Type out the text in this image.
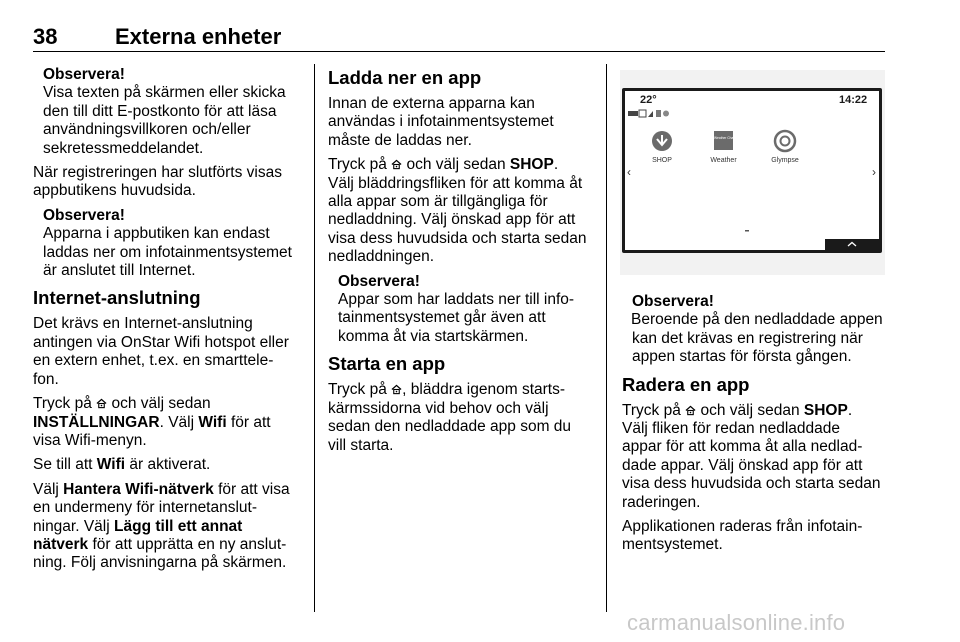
38	Externa enheter
Observera!
Visa texten på skärmen eller skicka
den till ditt E-postkonto för att läsa
användningsvillkoren och/eller
sekretessmeddelandet.

När registreringen har slutförts visas
appbutikens huvudsida.

Observera!
Apparna i appbutiken kan endast
laddas ner om infotainmentsystemet
är anslutet till Internet.
Internet-anslutning

Det krävs en Internet-anslutning
antingen via OnStar Wifi hotspot eller
en extern enhet, t.ex. en smarttele-
fon.

Tryck på och välj sedan
INSTÄLLNINGAR. Välj Wifi för att
visa Wifi-menyn.

Se till att Wifi är aktiverat.

Välj Hantera Wifi-nätverk för att visa
en undermeny för internetanslut-
ningar. Välj Lägg till ett annat
nätverk för att upprätta en ny anslut-
ning. Följ anvisningarna på skärmen.

Ladda ner en app

Innan de externa apparna kan
användas i infotainmentsystemet
måste de laddas ner.

Tryck på och välj sedan SHOP.
Välj bläddringsfliken för att komma åt
alla appar som är tillgängliga för
nedladdning. Välj önskad app för att
visa dess huvudsida och starta sedan
nedladdningen.

Observera!
Appar som har laddats ner till info-
tainmentsystemet går även att
komma åt via startskärmen.
Starta en app

Tryck på , bläddra igenom starts-
kärmssidorna vid behov och välj
sedan den nedladdade app som du
vill starta.

22°	14:22
SHOP
The Weather Channel
Weather	Glympse
‹	›
Observera!
Beroende på den nedladdade appen
kan det krävas en registrering när
appen startas för första gången.
Radera en app

Tryck på och välj sedan SHOP.
Välj fliken för redan nedladdade
appar för att komma åt alla nedlad-
dade appar. Välj önskad app för att
visa dess huvudsida och starta sedan
raderingen.

Applikationen raderas från infotain-
mentsystemet.

carmanualsonline.info
